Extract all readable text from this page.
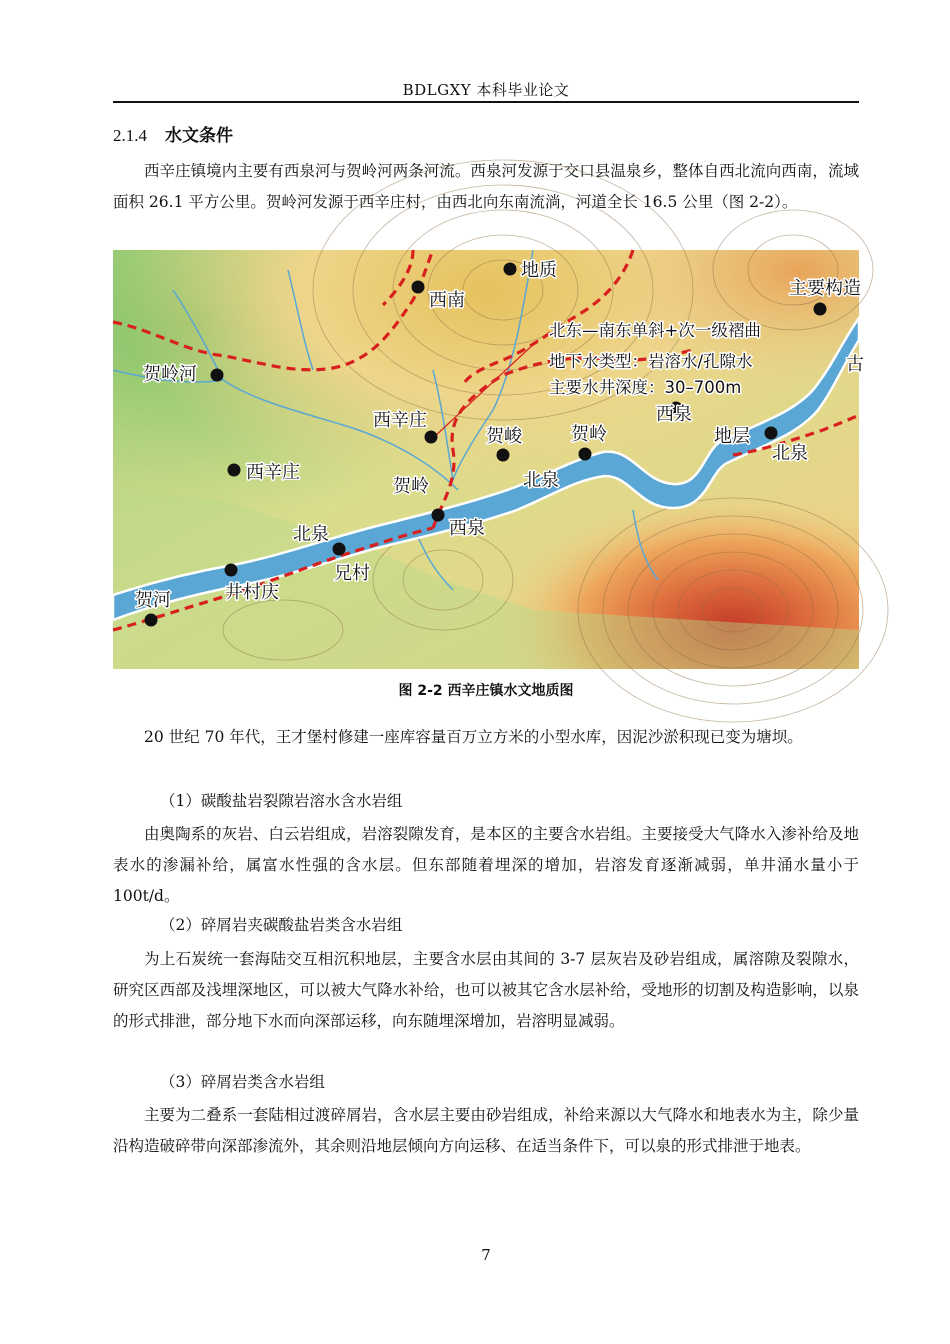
BDLGXY 本科毕业论文
2.1.4 水文条件
西辛庄镇境内主要有西泉河与贺岭河两条河流。西泉河发源于交口县温泉乡，整体自西北流向西南，流域面积 26.1 平方公里。贺岭河发源于西辛庄村，由西北向东南流淌，河道全长 16.5 公里（图 2-2）。
地质
西南
主要构造
古
贺岭河
西辛庄
西辛庄
贺岭
贺峻	贺岭
西泉
地层
北泉
北泉
西泉
北泉
兄村
井村庆
贺河
北东—南东单斜+次一级褶曲
地下水类型：岩溶水/孔隙水
主要水井深度：30–700m
图 2-2 西辛庄镇水文地质图
20 世纪 70 年代，王才堡村修建一座库容量百万立方米的小型水库，因泥沙淤积现已变为塘坝。
（1）碳酸盐岩裂隙岩溶水含水岩组
由奥陶系的灰岩、白云岩组成，岩溶裂隙发育，是本区的主要含水岩组。主要接受大气降水入渗补给及地表水的渗漏补给，属富水性强的含水层。但东部随着埋深的增加，岩溶发育逐渐减弱，单井涌水量小于 100t/d。
（2）碎屑岩夹碳酸盐岩类含水岩组
为上石炭统一套海陆交互相沉积地层，主要含水层由其间的 3-7 层灰岩及砂岩组成，属溶隙及裂隙水，研究区西部及浅埋深地区，可以被大气降水补给，也可以被其它含水层补给，受地形的切割及构造影响，以泉的形式排泄，部分地下水而向深部运移，向东随埋深增加，岩溶明显减弱。
（3）碎屑岩类含水岩组
主要为二叠系一套陆相过渡碎屑岩，含水层主要由砂岩组成，补给来源以大气降水和地表水为主，除少量沿构造破碎带向深部渗流外，其余则沿地层倾向方向运移、在适当条件下，可以泉的形式排泄于地表。
7
